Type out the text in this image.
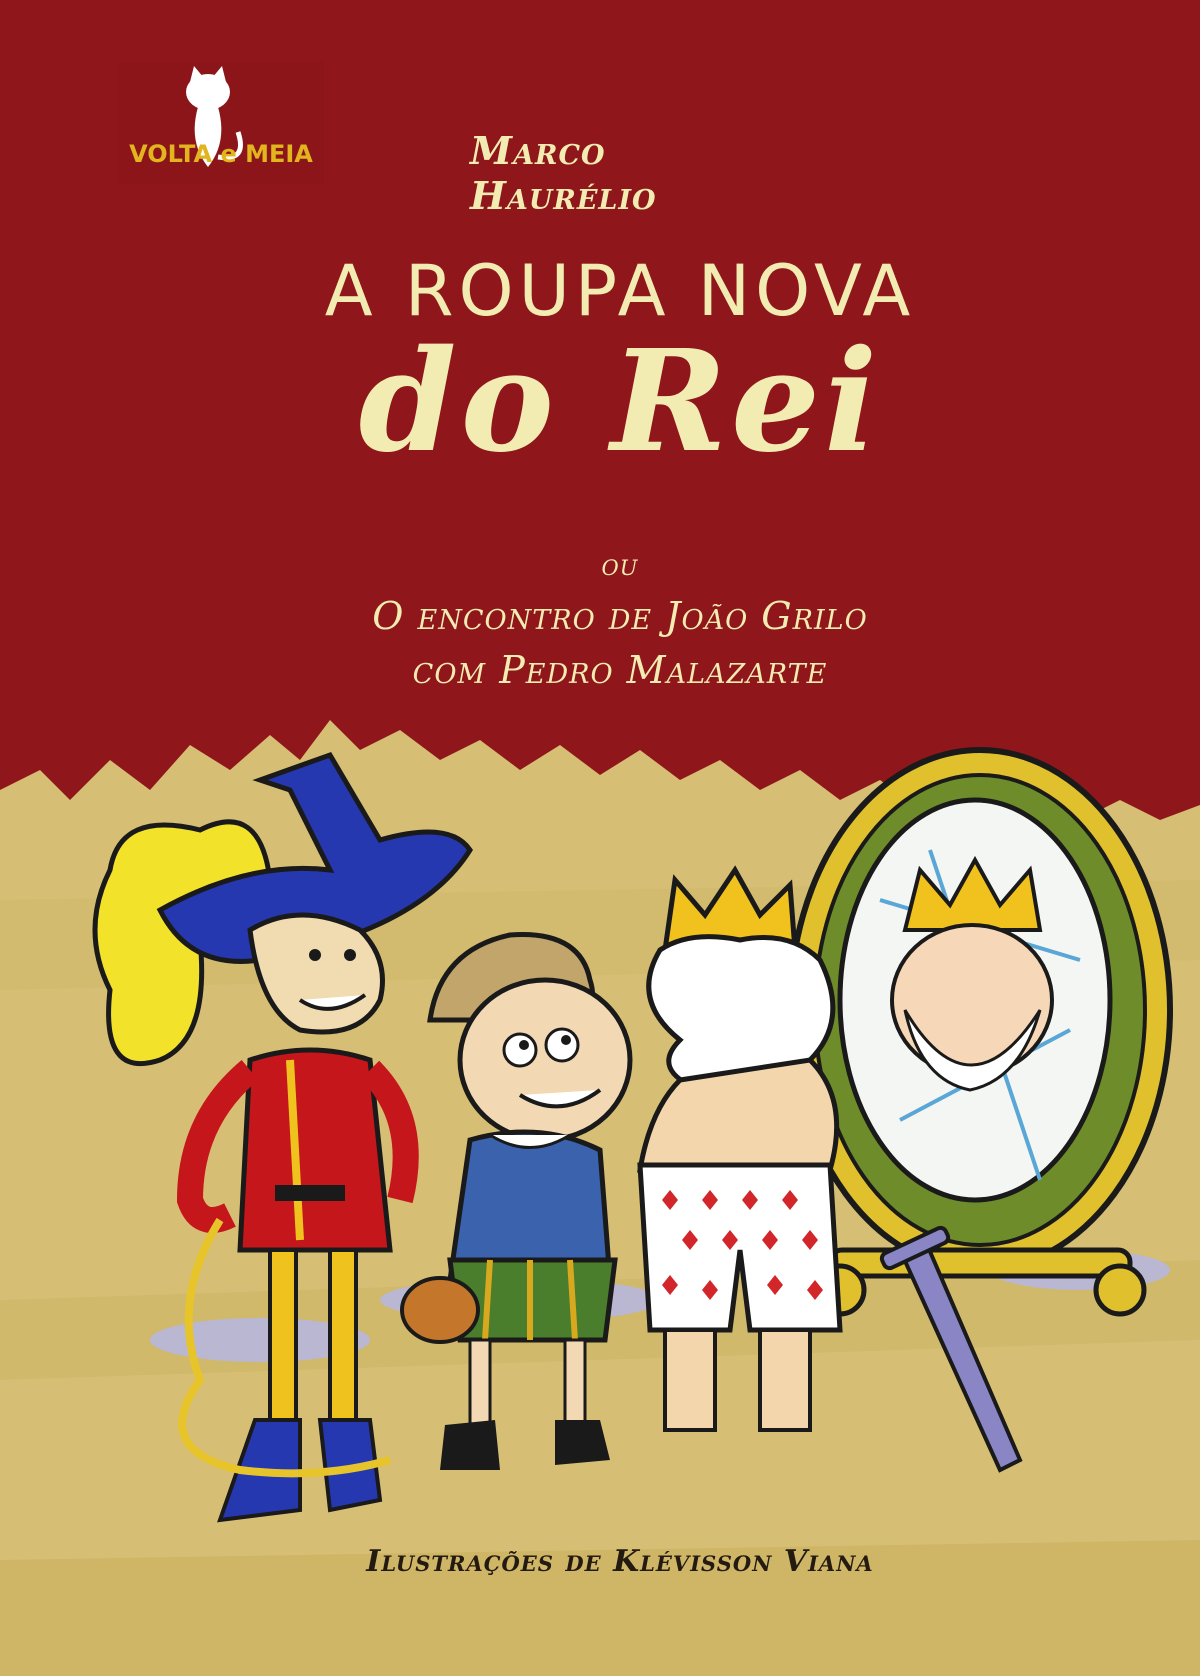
VOLTA e MEIA	Marco Haurélio
A ROUPA NOVA
do Rei
ou
O encontro de João Grilo
com Pedro Malazarte
Ilustrações de Klévisson Viana
